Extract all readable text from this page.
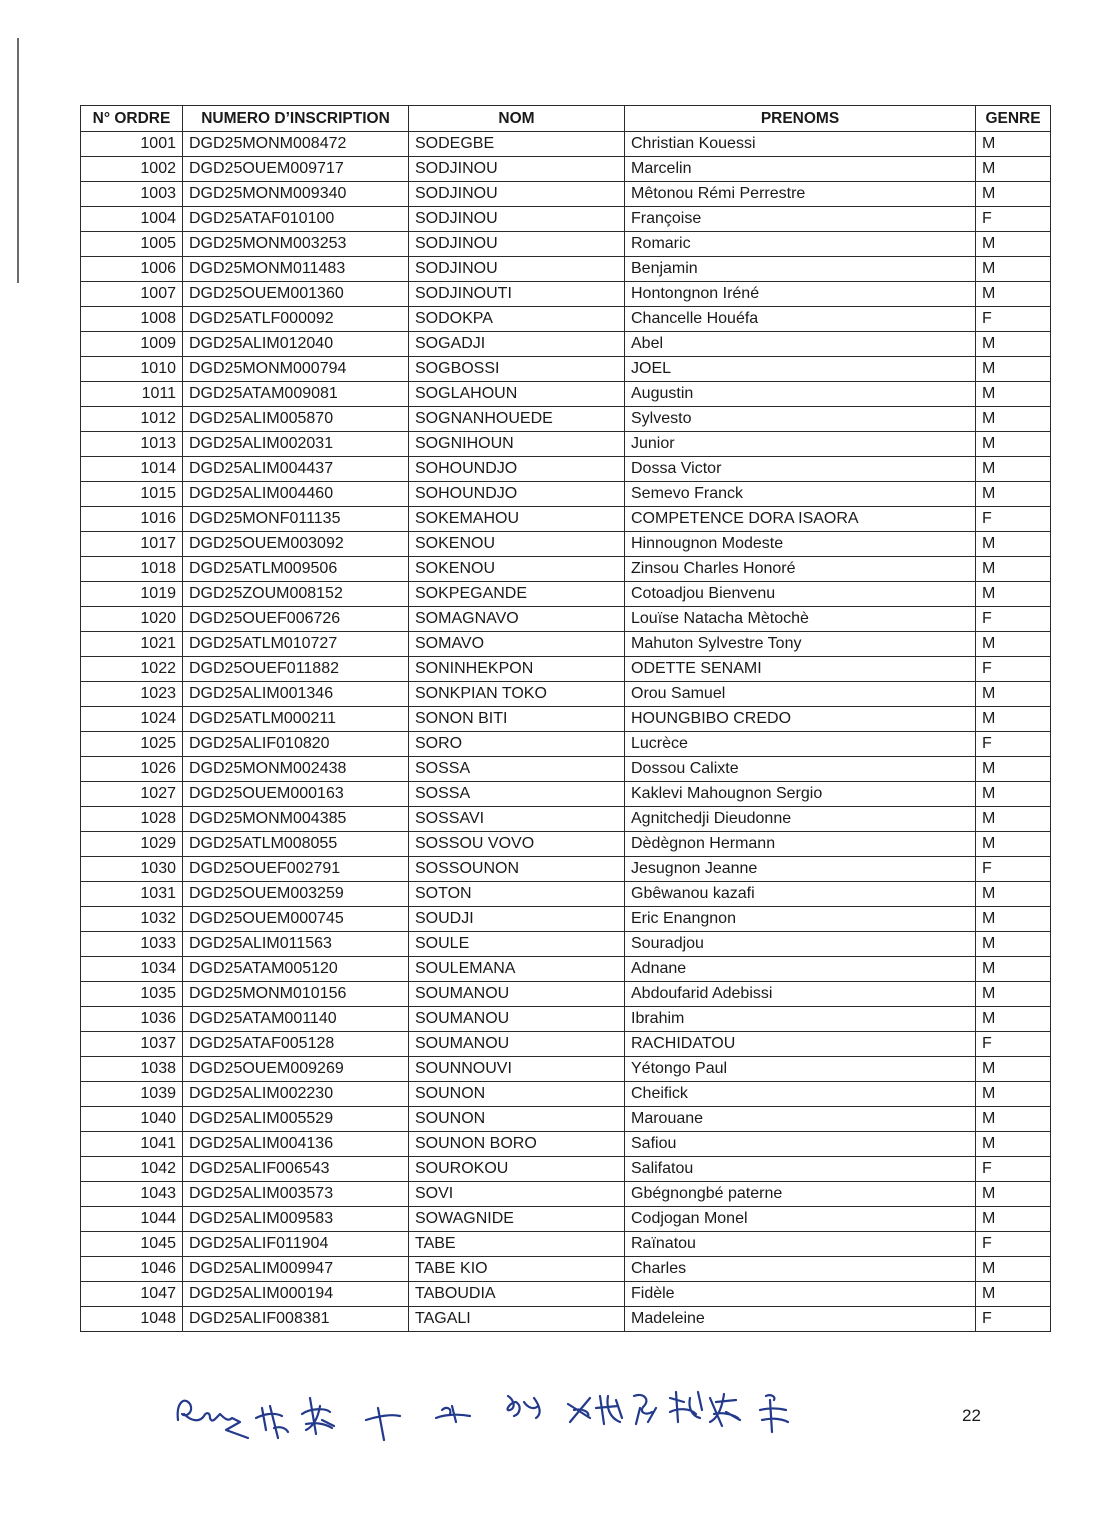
N° ORDRE	NUMERO D’INSCRIPTION	NOM	PRENOMS	GENRE
1001	DGD25MONM008472	SODEGBE	Christian Kouessi	M
1002	DGD25OUEM009717	SODJINOU	Marcelin	M
1003	DGD25MONM009340	SODJINOU	Mêtonou Rémi Perrestre	M
1004	DGD25ATAF010100	SODJINOU	Françoise	F
1005	DGD25MONM003253	SODJINOU	Romaric	M
1006	DGD25MONM011483	SODJINOU	Benjamin	M
1007	DGD25OUEM001360	SODJINOUTI	Hontongnon Iréné	M
1008	DGD25ATLF000092	SODOKPA	Chancelle Houéfa	F
1009	DGD25ALIM012040	SOGADJI	Abel	M
1010	DGD25MONM000794	SOGBOSSI	JOEL	M
1011	DGD25ATAM009081	SOGLAHOUN	Augustin	M
1012	DGD25ALIM005870	SOGNANHOUEDE	Sylvesto	M
1013	DGD25ALIM002031	SOGNIHOUN	Junior	M
1014	DGD25ALIM004437	SOHOUNDJO	Dossa Victor	M
1015	DGD25ALIM004460	SOHOUNDJO	Semevo Franck	M
1016	DGD25MONF011135	SOKEMAHOU	COMPETENCE DORA ISAORA	F
1017	DGD25OUEM003092	SOKENOU	Hinnougnon Modeste	M
1018	DGD25ATLM009506	SOKENOU	Zinsou Charles Honoré	M
1019	DGD25ZOUM008152	SOKPEGANDE	Cotoadjou Bienvenu	M
1020	DGD25OUEF006726	SOMAGNAVO	Louïse Natacha Mètochè	F
1021	DGD25ATLM010727	SOMAVO	Mahuton Sylvestre Tony	M
1022	DGD25OUEF011882	SONINHEKPON	ODETTE SENAMI	F
1023	DGD25ALIM001346	SONKPIAN TOKO	Orou Samuel	M
1024	DGD25ATLM000211	SONON BITI	HOUNGBIBO CREDO	M
1025	DGD25ALIF010820	SORO	Lucrèce	F
1026	DGD25MONM002438	SOSSA	Dossou Calixte	M
1027	DGD25OUEM000163	SOSSA	Kaklevi Mahougnon Sergio	M
1028	DGD25MONM004385	SOSSAVI	Agnitchedji Dieudonne	M
1029	DGD25ATLM008055	SOSSOU VOVO	Dèdègnon Hermann	M
1030	DGD25OUEF002791	SOSSOUNON	Jesugnon Jeanne	F
1031	DGD25OUEM003259	SOTON	Gbêwanou kazafi	M
1032	DGD25OUEM000745	SOUDJI	Eric Enangnon	M
1033	DGD25ALIM011563	SOULE	Souradjou	M
1034	DGD25ATAM005120	SOULEMANA	Adnane	M
1035	DGD25MONM010156	SOUMANOU	Abdoufarid Adebissi	M
1036	DGD25ATAM001140	SOUMANOU	Ibrahim	M
1037	DGD25ATAF005128	SOUMANOU	RACHIDATOU	F
1038	DGD25OUEM009269	SOUNNOUVI	Yétongo Paul	M
1039	DGD25ALIM002230	SOUNON	Cheifick	M
1040	DGD25ALIM005529	SOUNON	Marouane	M
1041	DGD25ALIM004136	SOUNON BORO	Safiou	M
1042	DGD25ALIF006543	SOUROKOU	Salifatou	F
1043	DGD25ALIM003573	SOVI	Gbégnongbé paterne	M
1044	DGD25ALIM009583	SOWAGNIDE	Codjogan Monel	M
1045	DGD25ALIF011904	TABE	Raïnatou	F
1046	DGD25ALIM009947	TABE KIO	Charles	M
1047	DGD25ALIM000194	TABOUDIA	Fidèle	M
1048	DGD25ALIF008381	TAGALI	Madeleine	F
22
